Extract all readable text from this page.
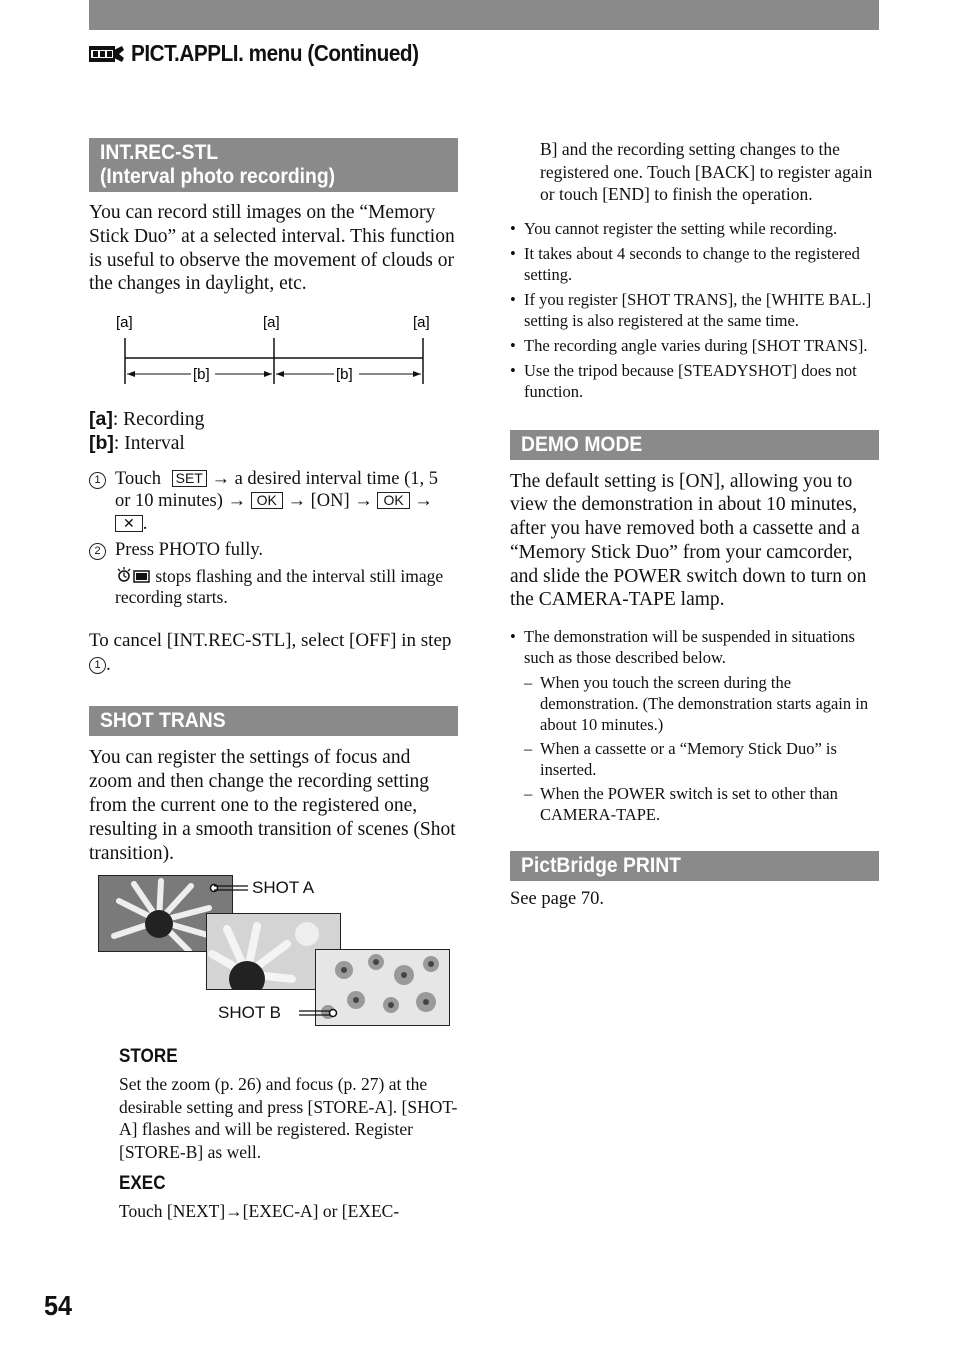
PICT.APPLI. menu (Continued)
INT.REC-STL
(Interval photo recording)

You can record still images on the “Memory Stick Duo” at a selected interval. This function is useful to observe the movement of clouds or the changes in daylight, etc.

[a]	[a]	[a]
[b]	[b]
[a]: Recording
[b]: Interval
1 Touch SET → a desired interval time (1, 5 or 10 minutes) → OK → [ON] → OK →
✕ .
2 Press PHOTO fully.
stops flashing and the interval still image recording starts.

To cancel [INT.REC-STL], select [OFF] in step 1 .

SHOT TRANS

You can register the settings of focus and zoom and then change the recording setting from the current one to the registered one, resulting in a smooth transition of scenes (Shot transition).

SHOT A
SHOT B

STORE

Set the zoom (p. 26) and focus (p. 27) at the desirable setting and press [STORE-A]. [SHOT-A] flashes and will be registered. Register [STORE-B] as well.

EXEC

Touch [NEXT]→[EXEC-A] or [EXEC-

B] and the recording setting changes to the registered one. Touch [BACK] to register again or touch [END] to finish the operation.

• You cannot register the setting while recording.
• It takes about 4 seconds to change to the registered setting.
• If you register [SHOT TRANS], the [WHITE BAL.] setting is also registered at the same time.
• The recording angle varies during [SHOT TRANS].
• Use the tripod because [STEADYSHOT] does not function.
DEMO MODE

The default setting is [ON], allowing you to view the demonstration in about 10 minutes, after you have removed both a cassette and a “Memory Stick Duo” from your camcorder, and slide the POWER switch down to turn on the CAMERA-TAPE lamp.

• The demonstration will be suspended in situations such as those described below.
– When you touch the screen during the demonstration. (The demonstration starts again in about 10 minutes.)
– When a cassette or a “Memory Stick Duo” is inserted.
– When the POWER switch is set to other than CAMERA-TAPE.
PictBridge PRINT

See page 70.

54
